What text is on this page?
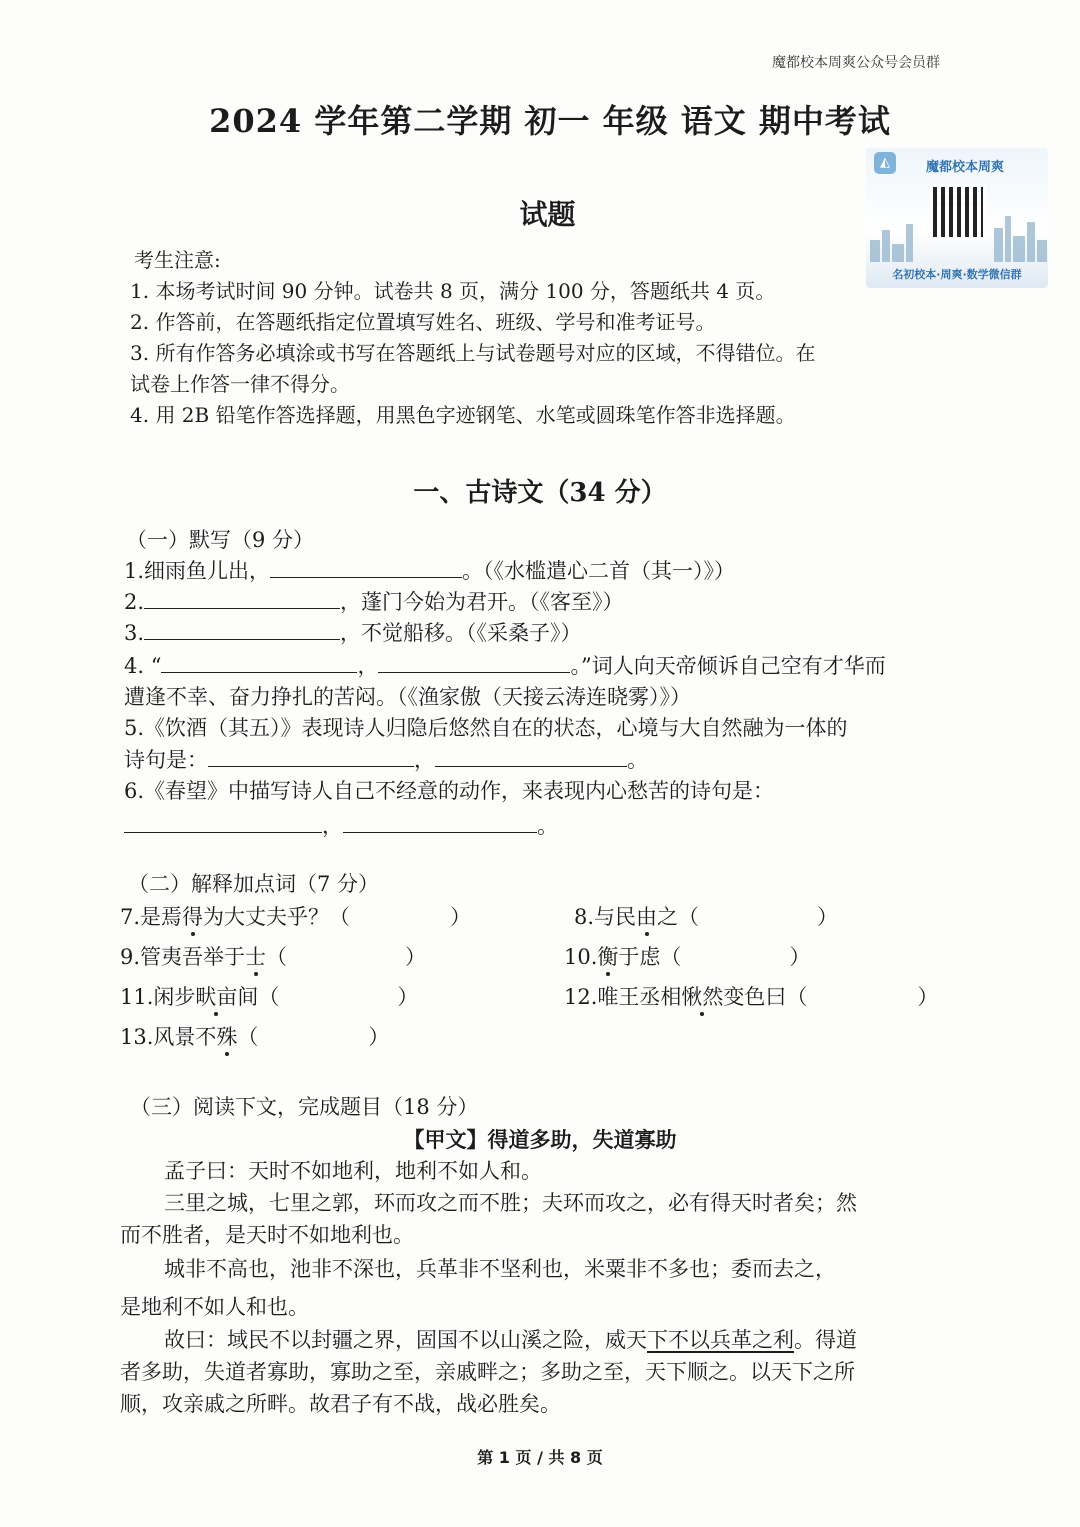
魔都校本周爽公众号会员群
2024 学年第二学期 初一 年级 语文 期中考试
试题
◭	魔都校本周爽
名初校本·周爽·数学微信群
考生注意:
1. 本场考试时间 90 分钟。试卷共 8 页，满分 100 分，答题纸共 4 页。
2. 作答前，在答题纸指定位置填写姓名、班级、学号和准考证号。
3. 所有作答务必填涂或书写在答题纸上与试卷题号对应的区域，不得错位。在
试卷上作答一律不得分。
4. 用 2B 铅笔作答选择题，用黑色字迹钢笔、水笔或圆珠笔作答非选择题。
一、古诗文（34 分）
（一）默写（9 分）
1.细雨鱼儿出，	。（《水槛遣心二首（其一）》）
2.	，蓬门今始为君开。（《客至》）
3.	，不觉船移。（《采桑子》）
4. “	，	。”词人向天帝倾诉自己空有才华而
遭逢不幸、奋力挣扎的苦闷。（《渔家傲（天接云涛连晓雾）》）
5.《饮酒（其五）》表现诗人归隐后悠然自在的状态，心境与大自然融为一体的
诗句是：	，	。
6.《春望》中描写诗人自己不经意的动作，来表现内心愁苦的诗句是：
，	。
（二）解释加点词（7 分）
7.是焉得为大丈夫乎？（	）	8.与民由之（	）
9.管夷吾举于士（	）	10.衡于虑（	）
11.闲步畎亩间（	）	12.唯王丞相愀然变色曰（	）
13.风景不殊（	）
（三）阅读下文，完成题目（18 分）
【甲文】得道多助，失道寡助
孟子曰：天时不如地利，地利不如人和。
三里之城，七里之郭，环而攻之而不胜；夫环而攻之，必有得天时者矣；然
而不胜者，是天时不如地利也。
城非不高也，池非不深也，兵革非不坚利也，米粟非不多也；委而去之，
是地利不如人和也。
故曰：域民不以封疆之界，固国不以山溪之险，威天下不以兵革之利。得道
者多助，失道者寡助，寡助之至，亲戚畔之；多助之至，天下顺之。以天下之所
顺，攻亲戚之所畔。故君子有不战，战必胜矣。
第 1 页 / 共 8 页
